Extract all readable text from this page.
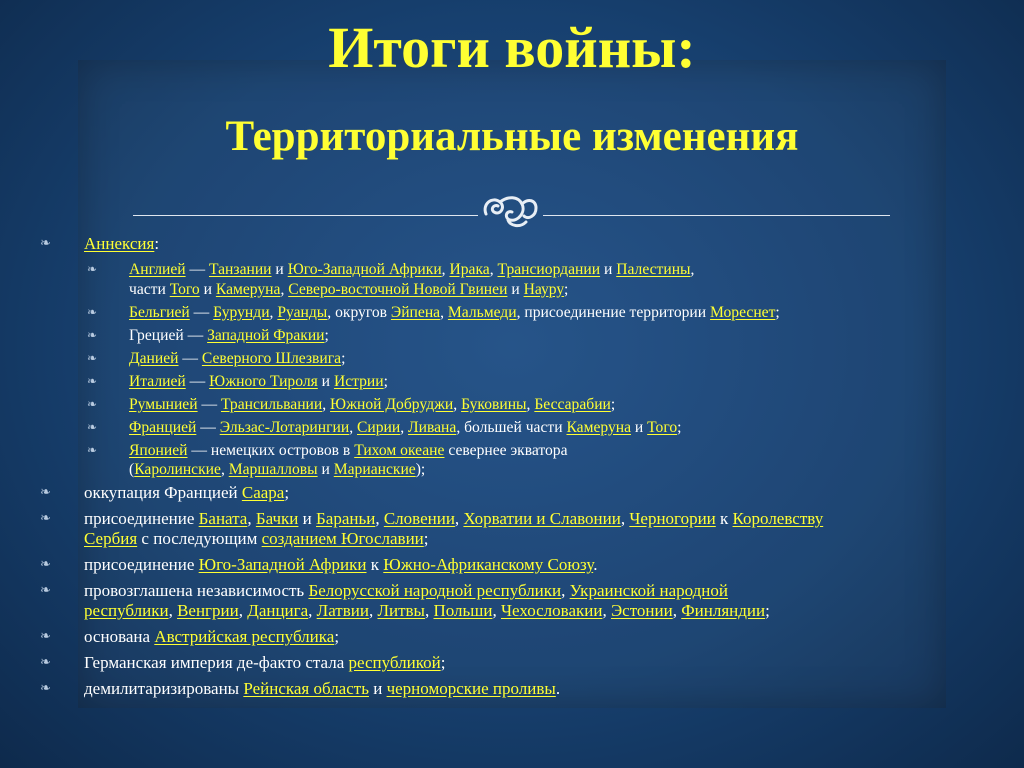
Итоги войны:
Территориальные изменения
❧	Аннексия:
❧	Англией — Танзании и Юго-Западной Африки, Ирака, Трансиордании и Палестины,
части Того и Камеруна, Северо-восточной Новой Гвинеи и Науру;
❧	Бельгией — Бурунди, Руанды, округов Эйпена, Мальмеди, присоединение территории Мореснет;
❧	Грецией — Западной Фракии;
❧	Данией — Северного Шлезвига;
❧	Италией — Южного Тироля и Истрии;
❧	Румынией — Трансильвании, Южной Добруджи, Буковины, Бессарабии;
❧	Францией — Эльзас-Лотарингии, Сирии, Ливана, большей части Камеруна и Того;
❧	Японией — немецких островов в Тихом океане севернее экватора
(Каролинские, Маршалловы и Марианские);
❧	оккупация Францией Саара;
❧	присоединение Баната, Бачки и Бараньи, Словении, Хорватии и Славонии, Черногории к Королевству
Сербия с последующим созданием Югославии;
❧	присоединение Юго-Западной Африки к Южно-Африканскому Союзу.
❧	провозглашена независимость Белорусской народной республики, Украинской народной
республики, Венгрии, Данцига, Латвии, Литвы, Польши, Чехословакии, Эстонии, Финляндии;
❧	основана Австрийская республика;
❧	Германская империя де-факто стала республикой;
❧	демилитаризированы Рейнская область и черноморские проливы.
